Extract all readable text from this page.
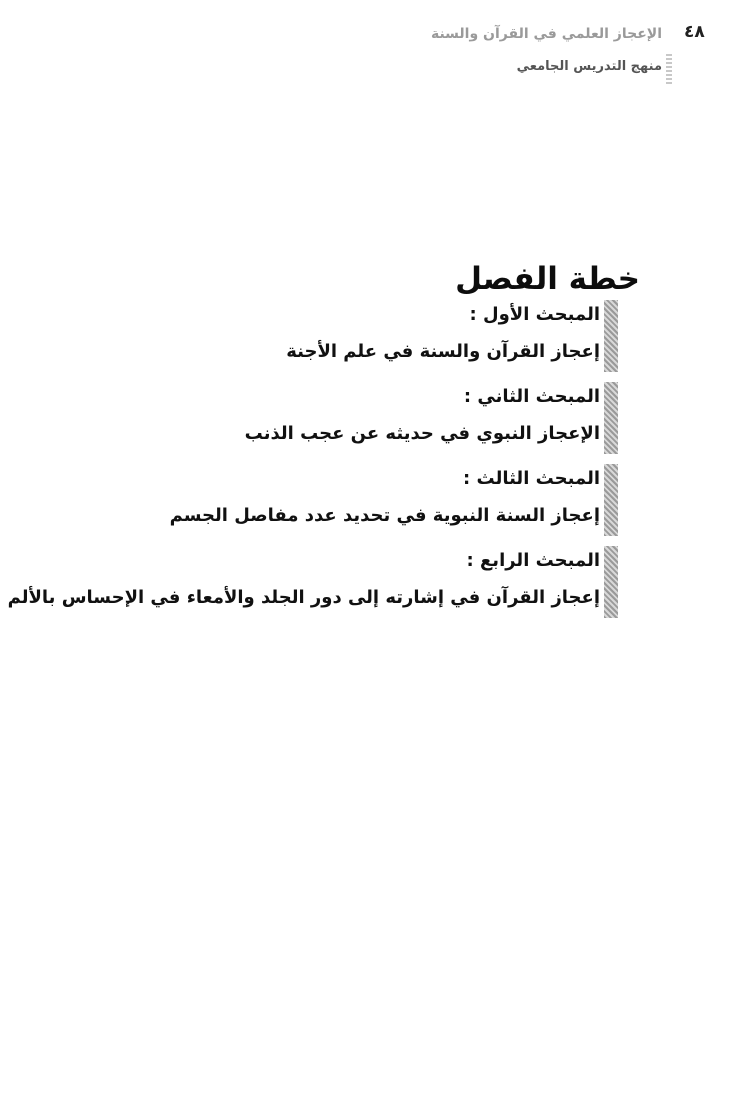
٤٨
الإعجاز العلمي في القرآن والسنة
منهج التدريس الجامعي
خطة الفصل
المبحث الأول :
إعجاز القرآن والسنة في علم الأجنة
المبحث الثاني :
الإعجاز النبوي في حديثه عن عجب الذنب
المبحث الثالث :
إعجاز السنة النبوية في تحديد عدد مفاصل الجسم
المبحث الرابع :
إعجاز القرآن في إشارته إلى دور الجلد والأمعاء في الإحساس بالألم
